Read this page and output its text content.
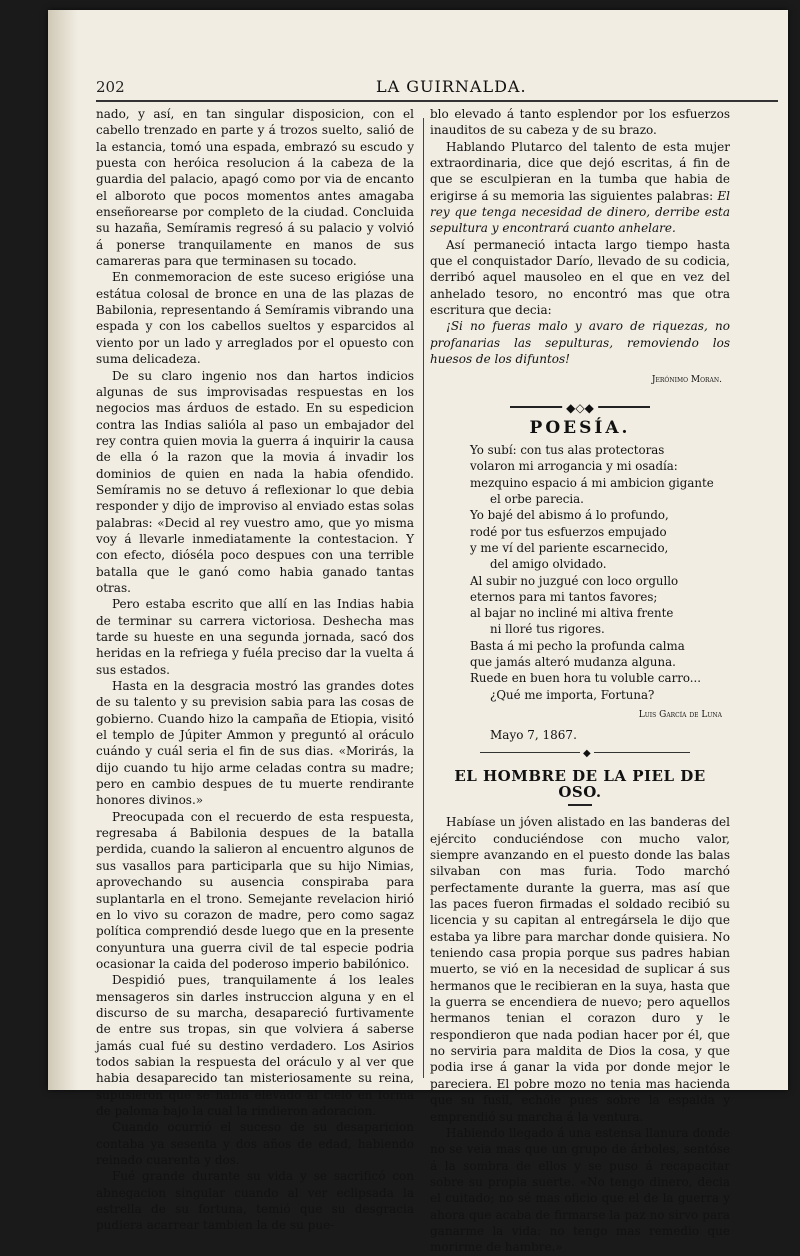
202	LA GUIRNALDA.

nado, y así, en tan singular disposicion, con el cabello trenzado en parte y á trozos suelto, salió de la estancia, tomó una espada, embrazó su escudo y puesta con heróica resolucion á la cabeza de la guardia del palacio, apagó como por via de encanto el alboroto que pocos momentos antes amagaba enseñorearse por completo de la ciudad. Concluida su hazaña, Semíramis regresó á su palacio y volvió á ponerse tranquilamente en manos de sus camareras para que terminasen su tocado.

En conmemoracion de este suceso erigióse una estátua colosal de bronce en una de las plazas de Babilonia, representando á Semíramis vibrando una espada y con los cabellos sueltos y esparcidos al viento por un lado y arreglados por el opuesto con suma delicadeza.

De su claro ingenio nos dan hartos indicios algunas de sus improvisadas respuestas en los negocios mas árduos de estado. En su espedicion contra las Indias salióla al paso un embajador del rey contra quien movia la guerra á inquirir la causa de ella ó la razon que la movia á invadir los dominios de quien en nada la habia ofendido. Semíramis no se detuvo á reflexionar lo que debia responder y dijo de improviso al enviado estas solas palabras: «Decid al rey vuestro amo, que yo misma voy á llevarle inmediatamente la contestacion. Y con efecto, dióséla poco despues con una terrible batalla que le ganó como habia ganado tantas otras.

Pero estaba escrito que allí en las Indias habia de terminar su carrera victoriosa. Deshecha mas tarde su hueste en una segunda jornada, sacó dos heridas en la refriega y fuéla preciso dar la vuelta á sus estados.

Hasta en la desgracia mostró las grandes dotes de su talento y su prevision sabia para las cosas de gobierno. Cuando hizo la campaña de Etiopia, visitó el templo de Júpiter Ammon y preguntó al oráculo cuándo y cuál seria el fin de sus dias. «Morirás, la dijo cuando tu hijo arme celadas contra su madre; pero en cambio despues de tu muerte rendirante honores divinos.»

Preocupada con el recuerdo de esta respuesta, regresaba á Babilonia despues de la batalla perdida, cuando la salieron al encuentro algunos de sus vasallos para participarla que su hijo Nimias, aprovechando su ausencia conspiraba para suplantarla en el trono. Semejante revelacion hirió en lo vivo su corazon de madre, pero como sagaz política comprendió desde luego que en la presente conyuntura una guerra civil de tal especie podria ocasionar la caida del poderoso imperio babilónico.

Despidió pues, tranquilamente á los leales mensageros sin darles instruccion alguna y en el discurso de su marcha, desapareció furtivamente de entre sus tropas, sin que volviera á saberse jamás cual fué su destino verdadero. Los Asirios todos sabian la respuesta del oráculo y al ver que habia desaparecido tan misteriosamente su reina, supusieron que se habia elevado al cielo en forma de paloma bajo la cual la rindieron adoracion.

Cuando ocurrió el suceso de su desaparicion contaba ya sesenta y dos años de edad, habiendo reinado cuarenta y dos.

Fué grande durante su vida y se sacrificó con abnegacion singular cuando al ver eclipsada la estrella de su fortuna, temió que su desgracia pudiera acarrear tambien la de su pue-

blo elevado á tanto esplendor por los esfuerzos inauditos de su cabeza y de su brazo.

Hablando Plutarco del talento de esta mujer extraordinaria, dice que dejó escritas, á fin de que se esculpieran en la tumba que habia de erigirse á su memoria las siguientes palabras: El rey que tenga necesidad de dinero, derribe esta sepultura y encontrará cuanto anhelare.

Así permaneció intacta largo tiempo hasta que el conquistador Darío, llevado de su codicia, derribó aquel mausoleo en el que en vez del anhelado tesoro, no encontró mas que otra escritura que decia:

¡Si no fueras malo y avaro de riquezas, no profanarias las sepulturas, removiendo los huesos de los difuntos!

Jerónimo Moran.
◆◇◆
POESÍA.
Yo subí: con tus alas protectoras
volaron mi arrogancia y mi osadía:
mezquino espacio á mi ambicion gigante
el orbe parecia.
Yo bajé del abismo á lo profundo,
rodé por tus esfuerzos empujado
y me ví del pariente escarnecido,
del amigo olvidado.
Al subir no juzgué con loco orgullo
eternos para mi tantos favores;
al bajar no incliné mi altiva frente
ni lloré tus rigores.
Basta á mi pecho la profunda calma
que jamás alteró mudanza alguna.
Ruede en buen hora tu voluble carro...
¿Qué me importa, Fortuna?
Luis García de Luna
Mayo 7, 1867.
◆
EL HOMBRE DE LA PIEL DE OSO.

Habíase un jóven alistado en las banderas del ejército conduciéndose con mucho valor, siempre avanzando en el puesto donde las balas silvaban con mas furia. Todo marchó perfectamente durante la guerra, mas así que las paces fueron firmadas el soldado recibió su licencia y su capitan al entregársela le dijo que estaba ya libre para marchar donde quisiera. No teniendo casa propia porque sus padres habian muerto, se vió en la necesidad de suplicar á sus hermanos que le recibieran en la suya, hasta que la guerra se encendiera de nuevo; pero aquellos hermanos tenian el corazon duro y le respondieron que nada podian hacer por él, que no serviria para maldita de Dios la cosa, y que podia irse á ganar la vida por donde mejor le pareciera. El pobre mozo no tenia mas hacienda que su fusil, echóle pues sobre la espalda y emprendió su marcha á la ventura.

Habiendo llegado á una estensa llanura donde no se veia mas que un grupo de árboles, sentóse á la sombra de ellos y se puso á recapacitar sobre su propia suerte. «No tengo dinero, decia el cuitado; no sé mas oficio que el de la guerra y ahora que acaba de firmarse la paz no sirvo para ganarme la vida: no tengo mas remedio que morirme de hambre.»
